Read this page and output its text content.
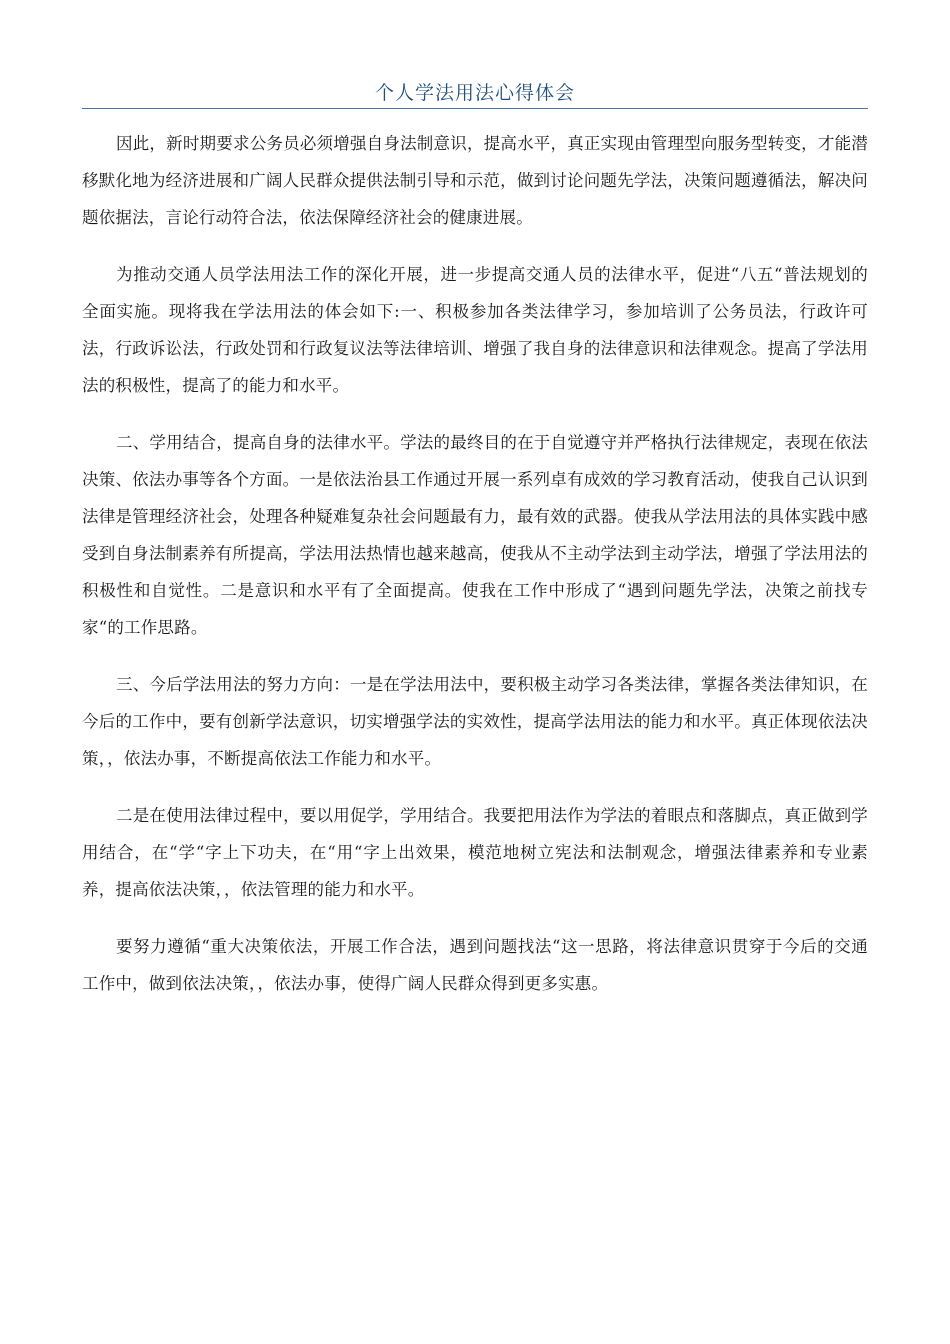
个人学法用法心得体会

因此，新时期要求公务员必须增强自身法制意识，提高水平，真正实现由管理型向服务型转变，才能潜移默化地为经济进展和广阔人民群众提供法制引导和示范，做到讨论问题先学法，决策问题遵循法，解决问题依据法，言论行动符合法，依法保障经济社会的健康进展。

为推动交通人员学法用法工作的深化开展，进一步提高交通人员的法律水平，促进“八五“普法规划的全面实施。现将我在学法用法的体会如下:一、积极参加各类法律学习，参加培训了公务员法，行政许可法，行政诉讼法，行政处罚和行政复议法等法律培训、增强了我自身的法律意识和法律观念。提高了学法用法的积极性，提高了的能力和水平。

二、学用结合，提高自身的法律水平。学法的最终目的在于自觉遵守并严格执行法律规定，表现在依法决策、依法办事等各个方面。一是依法治县工作通过开展一系列卓有成效的学习教育活动，使我自己认识到法律是管理经济社会，处理各种疑难复杂社会问题最有力，最有效的武器。使我从学法用法的具体实践中感受到自身法制素养有所提高，学法用法热情也越来越高，使我从不主动学法到主动学法，增强了学法用法的积极性和自觉性。二是意识和水平有了全面提高。使我在工作中形成了“遇到问题先学法，决策之前找专家“的工作思路。

三、今后学法用法的努力方向：一是在学法用法中，要积极主动学习各类法律，掌握各类法律知识，在今后的工作中，要有创新学法意识，切实增强学法的实效性，提高学法用法的能力和水平。真正体现依法决策，，依法办事，不断提高依法工作能力和水平。

二是在使用法律过程中，要以用促学，学用结合。我要把用法作为学法的着眼点和落脚点，真正做到学用结合，在“学“字上下功夫，在“用“字上出效果，模范地树立宪法和法制观念，增强法律素养和专业素养，提高依法决策，，依法管理的能力和水平。

要努力遵循“重大决策依法，开展工作合法，遇到问题找法“这一思路，将法律意识贯穿于今后的交通工作中，做到依法决策，，依法办事，使得广阔人民群众得到更多实惠。
